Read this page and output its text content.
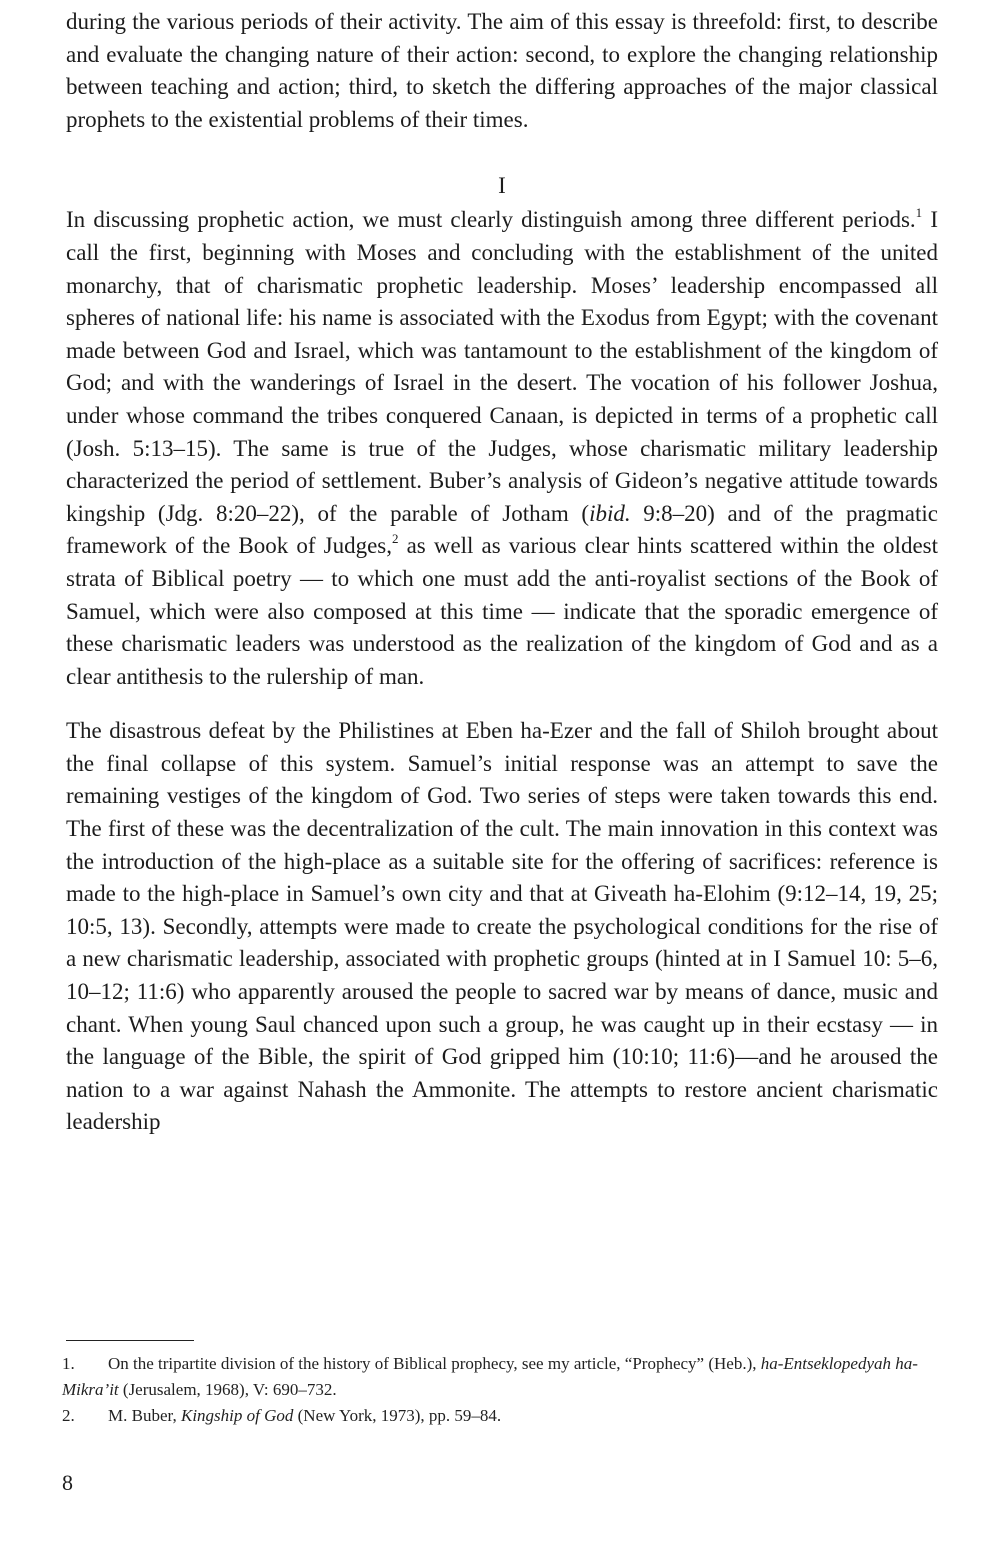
during the various periods of their activity. The aim of this essay is threefold: first, to describe and evaluate the changing nature of their action: second, to explore the changing relationship between teaching and action; third, to sketch the differing approaches of the major classical prophets to the existential problems of their times.

I

In discussing prophetic action, we must clearly distinguish among three different periods.$^1$ I call the first, beginning with Moses and concluding with the establishment of the united monarchy, that of charismatic prophetic leadership. Moses’ leadership encompassed all spheres of national life: his name is associated with the Exodus from Egypt; with the covenant made between God and Israel, which was tantamount to the establishment of the kingdom of God; and with the wanderings of Israel in the desert. The vocation of his follower Joshua, under whose command the tribes conquered Canaan, is depicted in terms of a prophetic call (Josh. 5:13–15). The same is true of the Judges, whose charismatic military leadership characterized the period of settlement. Buber’s analysis of Gideon’s negative attitude towards kingship (Jdg. 8:20–22), of the parable of Jotham (ibid. 9:8–20) and of the pragmatic framework of the Book of Judges,$^2$ as well as various clear hints scattered within the oldest strata of Biblical poetry — to which one must add the anti-royalist sections of the Book of Samuel, which were also composed at this time — indicate that the sporadic emergence of these charismatic leaders was understood as the realization of the kingdom of God and as a clear antithesis to the rulership of man.

The disastrous defeat by the Philistines at Eben ha-Ezer and the fall of Shiloh brought about the final collapse of this system. Samuel’s initial response was an attempt to save the remaining vestiges of the kingdom of God. Two series of steps were taken towards this end. The first of these was the decentralization of the cult. The main innovation in this context was the introduction of the high-place as a suitable site for the offering of sacrifices: reference is made to the high-place in Samuel’s own city and that at Giveath ha-Elohim (9:12–14, 19, 25; 10:5, 13). Secondly, attempts were made to create the psychological conditions for the rise of a new charismatic leadership, associated with prophetic groups (hinted at in I Samuel 10: 5–6, 10–12; 11:6) who apparently aroused the people to sacred war by means of dance, music and chant. When young Saul chanced upon such a group, he was caught up in their ecstasy — in the language of the Bible, the spirit of God gripped him (10:10; 11:6)—and he aroused the nation to a war against Nahash the Ammonite. The attempts to restore ancient charismatic leadership

1. On the tripartite division of the history of Biblical prophecy, see my article, “Prophecy” (Heb.), ha-Entseklopedyah ha-Mikra’it (Jerusalem, 1968), V: 690–732.

2. M. Buber, Kingship of God (New York, 1973), pp. 59–84.

8
